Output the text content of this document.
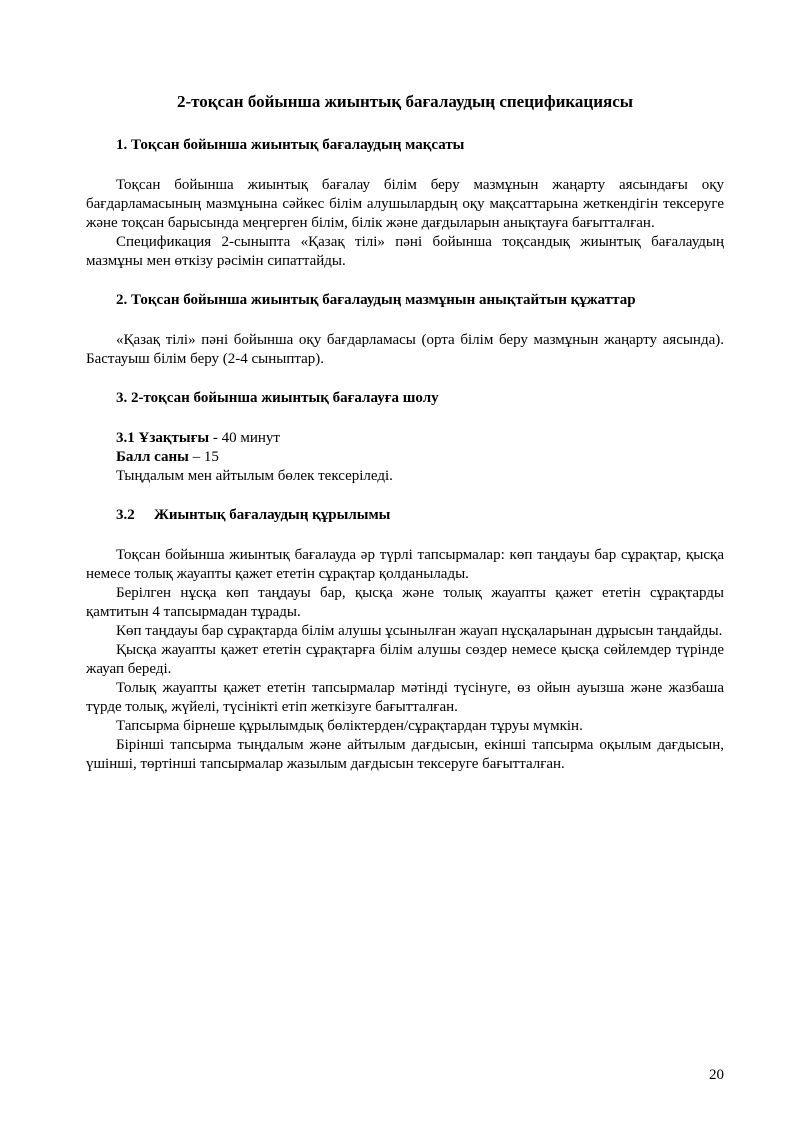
2-тоқсан бойынша жиынтық бағалаудың спецификациясы
1. Тоқсан бойынша жиынтық бағалаудың мақсаты

Тоқсан бойынша жиынтық бағалау білім беру мазмұнын жаңарту аясындағы оқу бағдарламасының мазмұнына сәйкес білім алушылардың оқу мақсаттарына жеткендігін тексеруге және тоқсан барысында меңгерген білім, білік және дағдыларын анықтауға бағытталған.

Спецификация 2-сыныпта «Қазақ тілі» пәні бойынша тоқсандық жиынтық бағалаудың мазмұны мен өткізу рәсімін сипаттайды.

2. Тоқсан бойынша жиынтық бағалаудың мазмұнын анықтайтын құжаттар

«Қазақ тілі» пәні бойынша оқу бағдарламасы (орта білім беру мазмұнын жаңарту аясында). Бастауыш білім беру (2-4 сыныптар).

3. 2-тоқсан бойынша жиынтық бағалауға шолу

3.1 Ұзақтығы - 40 минут

Балл саны – 15

Тыңдалым мен айтылым бөлек тексеріледі.

3.2 Жиынтық бағалаудың құрылымы

Тоқсан бойынша жиынтық бағалауда әр түрлі тапсырмалар: көп таңдауы бар сұрақтар, қысқа немесе толық жауапты қажет ететін сұрақтар қолданылады.

Берілген нұсқа көп таңдауы бар, қысқа және толық жауапты қажет ететін сұрақтарды қамтитын 4 тапсырмадан тұрады.

Көп таңдауы бар сұрақтарда білім алушы ұсынылған жауап нұсқаларынан дұрысын таңдайды.

Қысқа жауапты қажет ететін сұрақтарға білім алушы сөздер немесе қысқа сөйлемдер түрінде жауап береді.

Толық жауапты қажет ететін тапсырмалар мәтінді түсінуге, өз ойын ауызша және жазбаша түрде толық, жүйелі, түсінікті етіп жеткізуге бағытталған.

Тапсырма бірнеше құрылымдық бөліктерден/сұрақтардан тұруы мүмкін.

Бірінші тапсырма тыңдалым және айтылым дағдысын, екінші тапсырма оқылым дағдысын, үшінші, төртінші тапсырмалар жазылым дағдысын тексеруге бағытталған.

20
